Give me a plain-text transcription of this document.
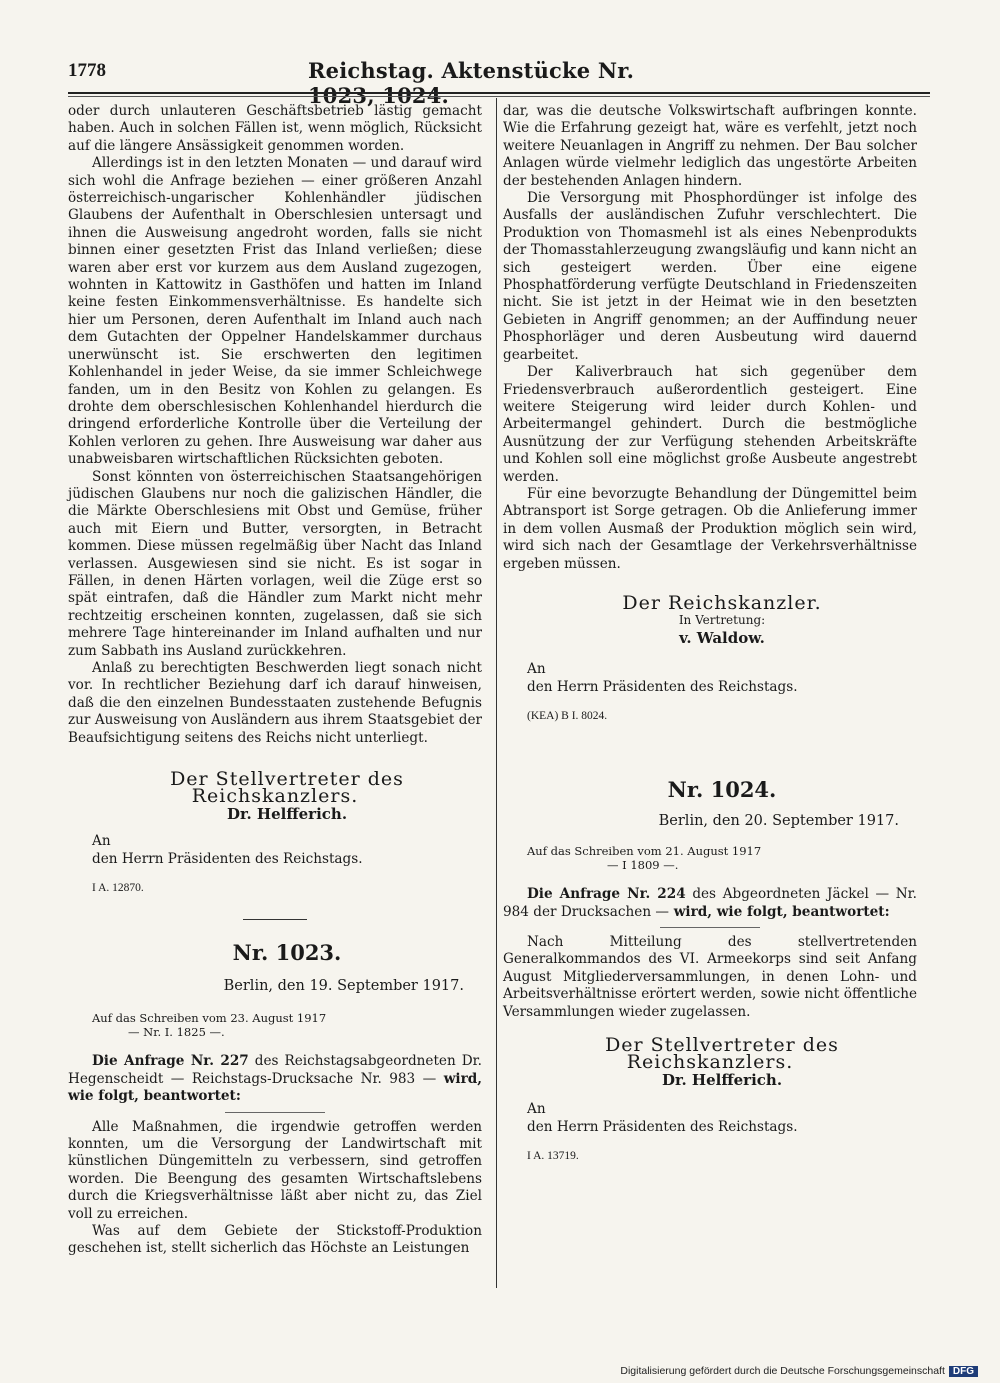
1778	Reichstag. Aktenstücke Nr. 1023, 1024.

oder durch unlauteren Geschäftsbetrieb lästig gemacht haben. Auch in solchen Fällen ist, wenn möglich, Rücksicht auf die längere Ansässigkeit genommen worden.

Allerdings ist in den letzten Monaten — und darauf wird sich wohl die Anfrage beziehen — einer größeren Anzahl österreichisch-ungarischer Kohlenhändler jüdischen Glaubens der Aufenthalt in Oberschlesien untersagt und ihnen die Ausweisung angedroht worden, falls sie nicht binnen einer gesetzten Frist das Inland verließen; diese waren aber erst vor kurzem aus dem Ausland zugezogen, wohnten in Kattowitz in Gasthöfen und hatten im Inland keine festen Einkommensverhältnisse. Es handelte sich hier um Personen, deren Aufenthalt im Inland auch nach dem Gutachten der Oppelner Handelskammer durchaus unerwünscht ist. Sie erschwerten den legitimen Kohlenhandel in jeder Weise, da sie immer Schleichwege fanden, um in den Besitz von Kohlen zu gelangen. Es drohte dem oberschlesischen Kohlenhandel hierdurch die dringend erforderliche Kontrolle über die Verteilung der Kohlen verloren zu gehen. Ihre Ausweisung war daher aus unabweisbaren wirtschaftlichen Rücksichten geboten.

Sonst könnten von österreichischen Staatsangehörigen jüdischen Glaubens nur noch die galizischen Händler, die die Märkte Oberschlesiens mit Obst und Gemüse, früher auch mit Eiern und Butter, versorgten, in Betracht kommen. Diese müssen regelmäßig über Nacht das Inland verlassen. Ausgewiesen sind sie nicht. Es ist sogar in Fällen, in denen Härten vorlagen, weil die Züge erst so spät eintrafen, daß die Händler zum Markt nicht mehr rechtzeitig erscheinen konnten, zugelassen, daß sie sich mehrere Tage hintereinander im Inland aufhalten und nur zum Sabbath ins Ausland zurückkehren.

Anlaß zu berechtigten Beschwerden liegt sonach nicht vor. In rechtlicher Beziehung darf ich darauf hinweisen, daß die den einzelnen Bundesstaaten zustehende Befugnis zur Ausweisung von Ausländern aus ihrem Staatsgebiet der Beaufsichtigung seitens des Reichs nicht unterliegt.

Der Stellvertreter des Reichskanzlers.

Dr. Helfferich.

An

den Herrn Präsidenten des Reichstags.

I A. 12870.

Nr. 1023.

Berlin, den 19. September 1917.

Auf das Schreiben vom 23. August 1917

— Nr. I. 1825 —.

Die Anfrage Nr. 227 des Reichstagsabgeordneten Dr. Hegenscheidt — Reichstags-Drucksache Nr. 983 — wird, wie folgt, beantwortet:

Alle Maßnahmen, die irgendwie getroffen werden konnten, um die Versorgung der Landwirtschaft mit künstlichen Düngemitteln zu verbessern, sind getroffen worden. Die Beengung des gesamten Wirtschaftslebens durch die Kriegsverhältnisse läßt aber nicht zu, das Ziel voll zu erreichen.

Was auf dem Gebiete der Stickstoff-Produktion geschehen ist, stellt sicherlich das Höchste an Leistungen

dar, was die deutsche Volkswirtschaft aufbringen konnte. Wie die Erfahrung gezeigt hat, wäre es verfehlt, jetzt noch weitere Neuanlagen in Angriff zu nehmen. Der Bau solcher Anlagen würde vielmehr lediglich das ungestörte Arbeiten der bestehenden Anlagen hindern.

Die Versorgung mit Phosphordünger ist infolge des Ausfalls der ausländischen Zufuhr verschlechtert. Die Produktion von Thomasmehl ist als eines Nebenprodukts der Thomasstahlerzeugung zwangsläufig und kann nicht an sich gesteigert werden. Über eine eigene Phosphatförderung verfügte Deutschland in Friedenszeiten nicht. Sie ist jetzt in der Heimat wie in den besetzten Gebieten in Angriff genommen; an der Auffindung neuer Phosphorläger und deren Ausbeutung wird dauernd gearbeitet.

Der Kaliverbrauch hat sich gegenüber dem Friedensverbrauch außerordentlich gesteigert. Eine weitere Steigerung wird leider durch Kohlen- und Arbeitermangel gehindert. Durch die bestmögliche Ausnützung der zur Verfügung stehenden Arbeitskräfte und Kohlen soll eine möglichst große Ausbeute angestrebt werden.

Für eine bevorzugte Behandlung der Düngemittel beim Abtransport ist Sorge getragen. Ob die Anlieferung immer in dem vollen Ausmaß der Produktion möglich sein wird, wird sich nach der Gesamtlage der Verkehrsverhältnisse ergeben müssen.

Der Reichskanzler.

In Vertretung:

v. Waldow.

An

den Herrn Präsidenten des Reichstags.

(KEA) B I. 8024.

Nr. 1024.

Berlin, den 20. September 1917.

Auf das Schreiben vom 21. August 1917

— I 1809 —.

Die Anfrage Nr. 224 des Abgeordneten Jäckel — Nr. 984 der Drucksachen — wird, wie folgt, beantwortet:

Nach Mitteilung des stellvertretenden Generalkommandos des VI. Armeekorps sind seit Anfang August Mitgliederversammlungen, in denen Lohn- und Arbeitsverhältnisse erörtert werden, sowie nicht öffentliche Versammlungen wieder zugelassen.

Der Stellvertreter des Reichskanzlers.

Dr. Helfferich.

An

den Herrn Präsidenten des Reichstags.

I A. 13719.

Digitalisierung gefördert durch die Deutsche Forschungsgemeinschaft DFG
